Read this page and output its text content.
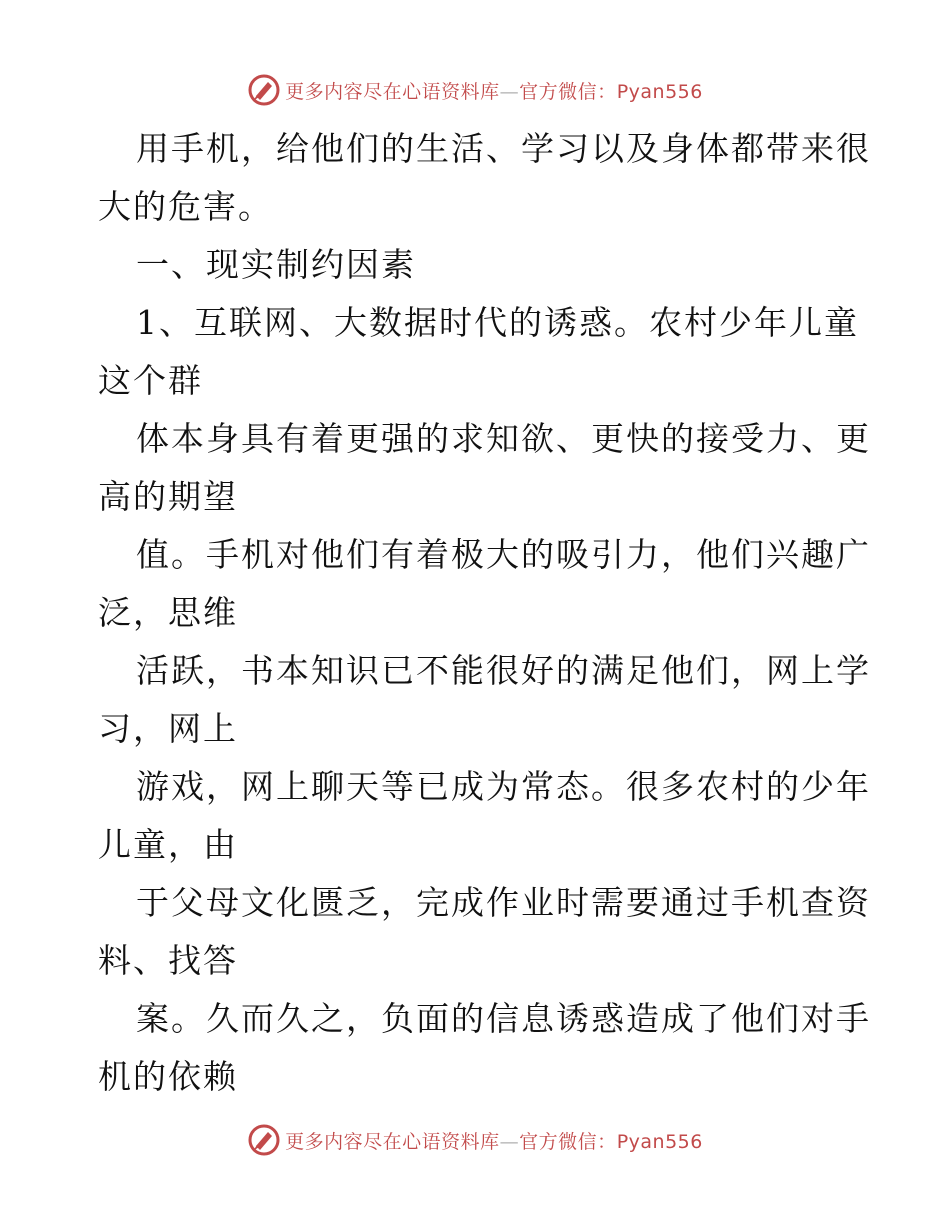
更多内容尽在心语资料库—官方微信：Pyan556
用手机，给他们的生活、学习以及身体都带来很
大的危害。
一、现实制约因素
1、互联网、大数据时代的诱惑。农村少年儿童
这个群
体本身具有着更强的求知欲、更快的接受力、更
高的期望
值。手机对他们有着极大的吸引力，他们兴趣广
泛，思维
活跃，书本知识已不能很好的满足他们，网上学
习，网上
游戏，网上聊天等已成为常态。很多农村的少年
儿童，由
于父母文化匮乏，完成作业时需要通过手机查资
料、找答
案。久而久之，负面的信息诱惑造成了他们对手
机的依赖
更多内容尽在心语资料库—官方微信：Pyan556
